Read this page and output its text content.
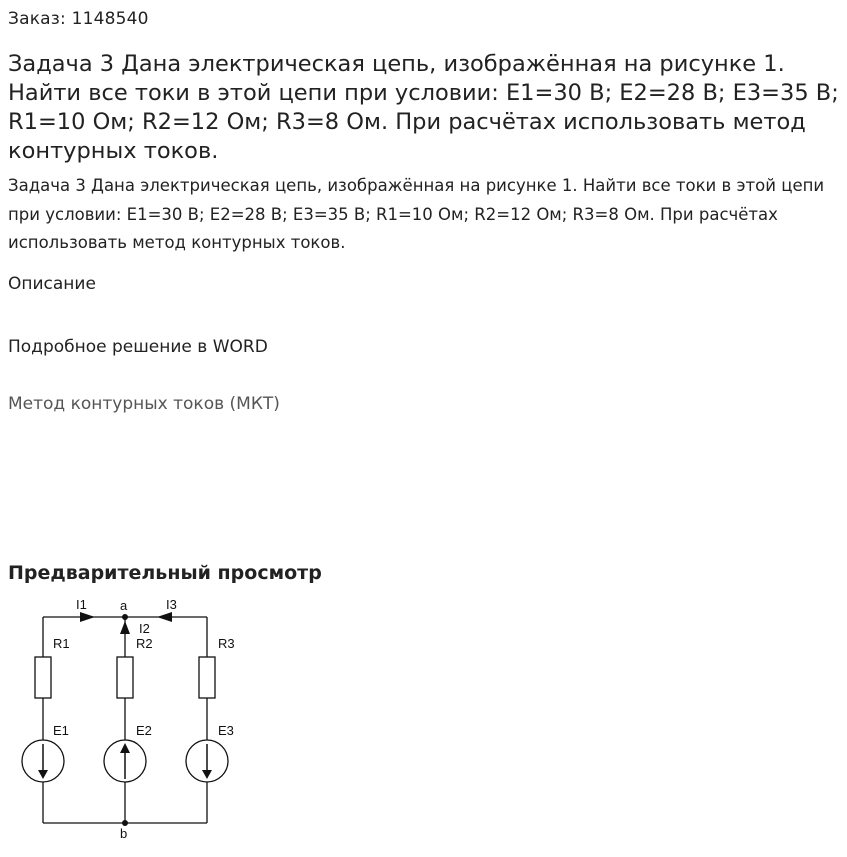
Заказ: 1148540
Задача 3 Дана электрическая цепь, изображённая на рисунке 1. Найти все токи в этой цепи при условии: E1=30 В; E2=28 В; E3=35 В; R1=10 Ом; R2=12 Ом; R3=8 Ом. При расчётах использовать метод контурных токов.

Задача 3 Дана электрическая цепь, изображённая на рисунке 1. Найти все токи в этой цепи при условии: E1=30 В; E2=28 В; E3=35 В; R1=10 Ом; R2=12 Ом; R3=8 Ом. При расчётах использовать метод контурных токов.

Описание
Подробное решение в WORD
Метод контурных токов (МКТ)
Предварительный просмотр
a
b
I1
I2
I3
R1	R2	R3
E1	E2	E3
